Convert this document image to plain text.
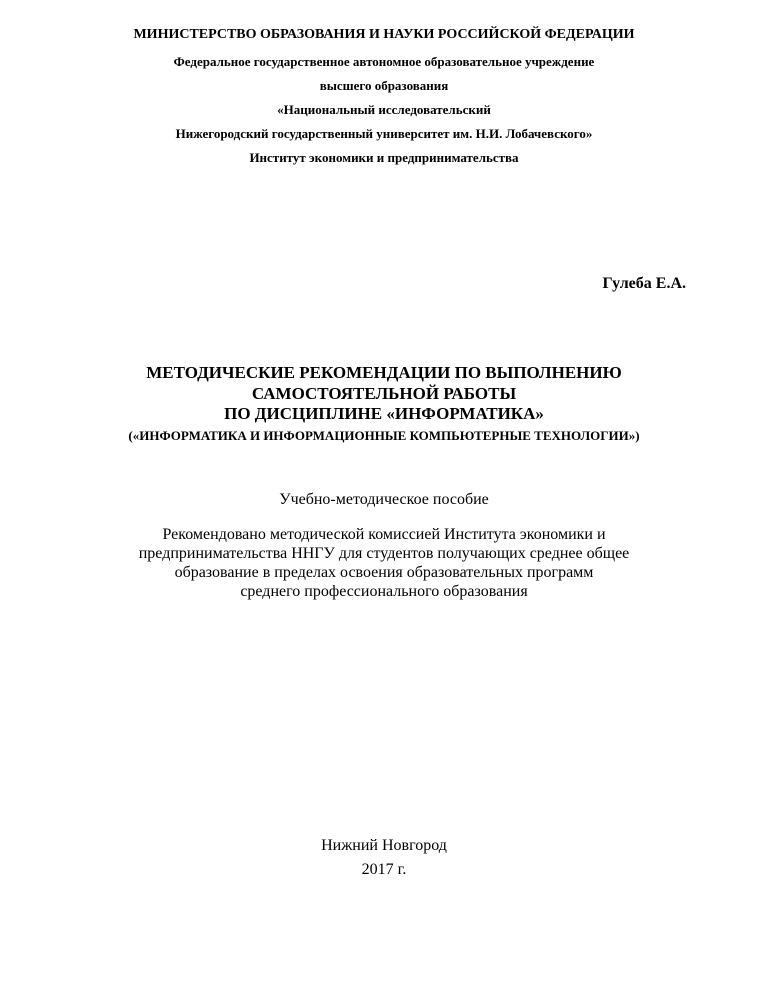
МИНИСТЕРСТВО ОБРАЗОВАНИЯ И НАУКИ РОССИЙСКОЙ ФЕДЕРАЦИИ
Федеральное государственное автономное образовательное учреждение
высшего образования
«Национальный исследовательский
Нижегородский государственный университет им. Н.И. Лобачевского»
Институт экономики и предпринимательства
Гулеба Е.А.
МЕТОДИЧЕСКИЕ РЕКОМЕНДАЦИИ ПО ВЫПОЛНЕНИЮ
САМОСТОЯТЕЛЬНОЙ РАБОТЫ
ПО ДИСЦИПЛИНЕ «ИНФОРМАТИКА»
(«ИНФОРМАТИКА И ИНФОРМАЦИОННЫЕ КОМПЬЮТЕРНЫЕ ТЕХНОЛОГИИ»)
Учебно-методическое пособие
Рекомендовано методической комиссией Института экономики и
предпринимательства ННГУ для студентов получающих среднее общее
образование в пределах освоения образовательных программ
среднего профессионального образования
Нижний Новгород
2017 г.
